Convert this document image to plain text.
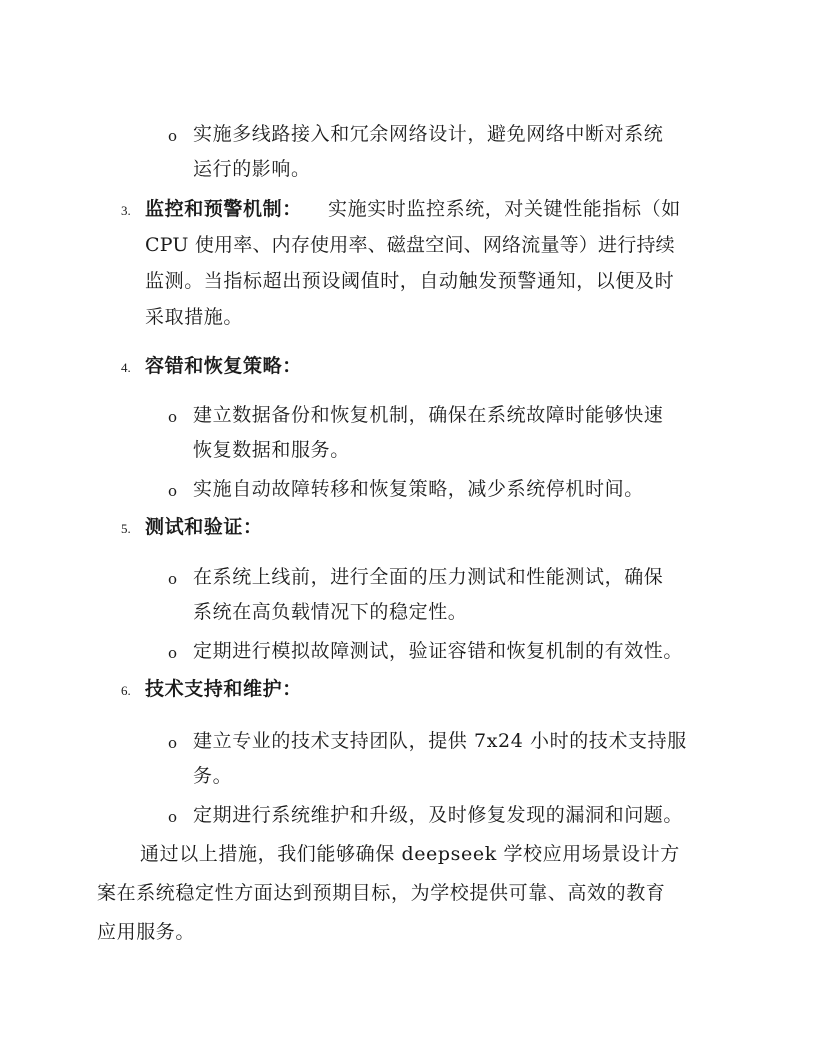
o 实施多线路接入和冗余网络设计，避免网络中断对系统
运行的影响。
3. 监控和预警机制： 实施实时监控系统，对关键性能指标（如
CPU 使用率、内存使用率、磁盘空间、网络流量等）进行持续
监测。当指标超出预设阈值时，自动触发预警通知，以便及时
采取措施。
4. 容错和恢复策略：
o 建立数据备份和恢复机制，确保在系统故障时能够快速
恢复数据和服务。
o 实施自动故障转移和恢复策略，减少系统停机时间。
5. 测试和验证：
o 在系统上线前，进行全面的压力测试和性能测试，确保
系统在高负载情况下的稳定性。
o 定期进行模拟故障测试，验证容错和恢复机制的有效性。
6. 技术支持和维护：
o 建立专业的技术支持团队，提供 7x24 小时的技术支持服
务。
o 定期进行系统维护和升级，及时修复发现的漏洞和问题。
通过以上措施，我们能够确保 deepseek 学校应用场景设计方
案在系统稳定性方面达到预期目标，为学校提供可靠、高效的教育
应用服务。
